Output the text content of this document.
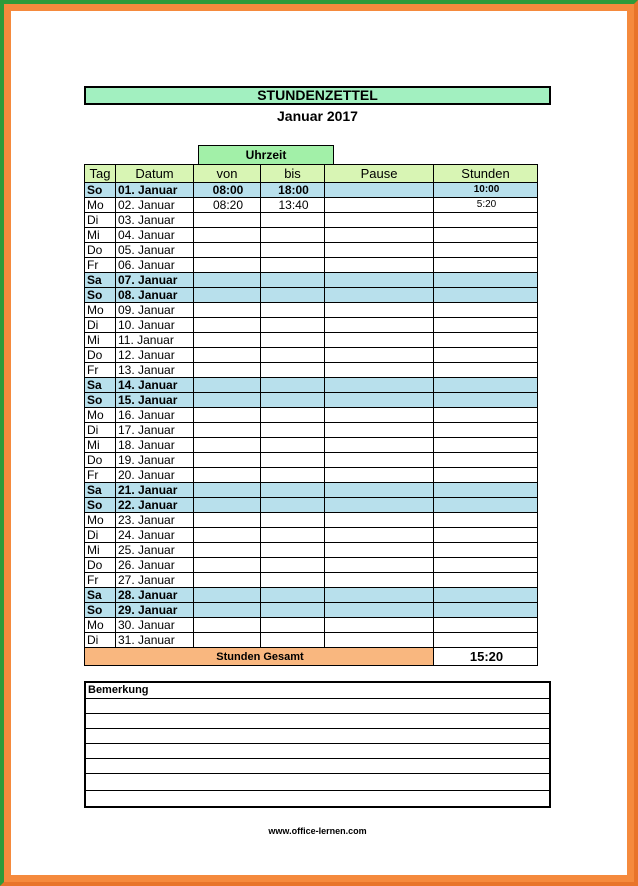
STUNDENZETTEL
Januar 2017
Uhrzeit
Tag	Datum	von	bis	Pause	Stunden
So	01. Januar	08:00	18:00		10:00
Mo	02. Januar	08:20	13:40		5:20
Di	03. Januar				
Mi	04. Januar				
Do	05. Januar				
Fr	06. Januar				
Sa	07. Januar				
So	08. Januar				
Mo	09. Januar				
Di	10. Januar				
Mi	11. Januar				
Do	12. Januar				
Fr	13. Januar				
Sa	14. Januar				
So	15. Januar				
Mo	16. Januar				
Di	17. Januar				
Mi	18. Januar				
Do	19. Januar				
Fr	20. Januar				
Sa	21. Januar				
So	22. Januar				
Mo	23. Januar				
Di	24. Januar				
Mi	25. Januar				
Do	26. Januar				
Fr	27. Januar				
Sa	28. Januar				
So	29. Januar				
Mo	30. Januar				
Di	31. Januar				
Stunden Gesamt					15:20
Bemerkung
www.office-lernen.com
